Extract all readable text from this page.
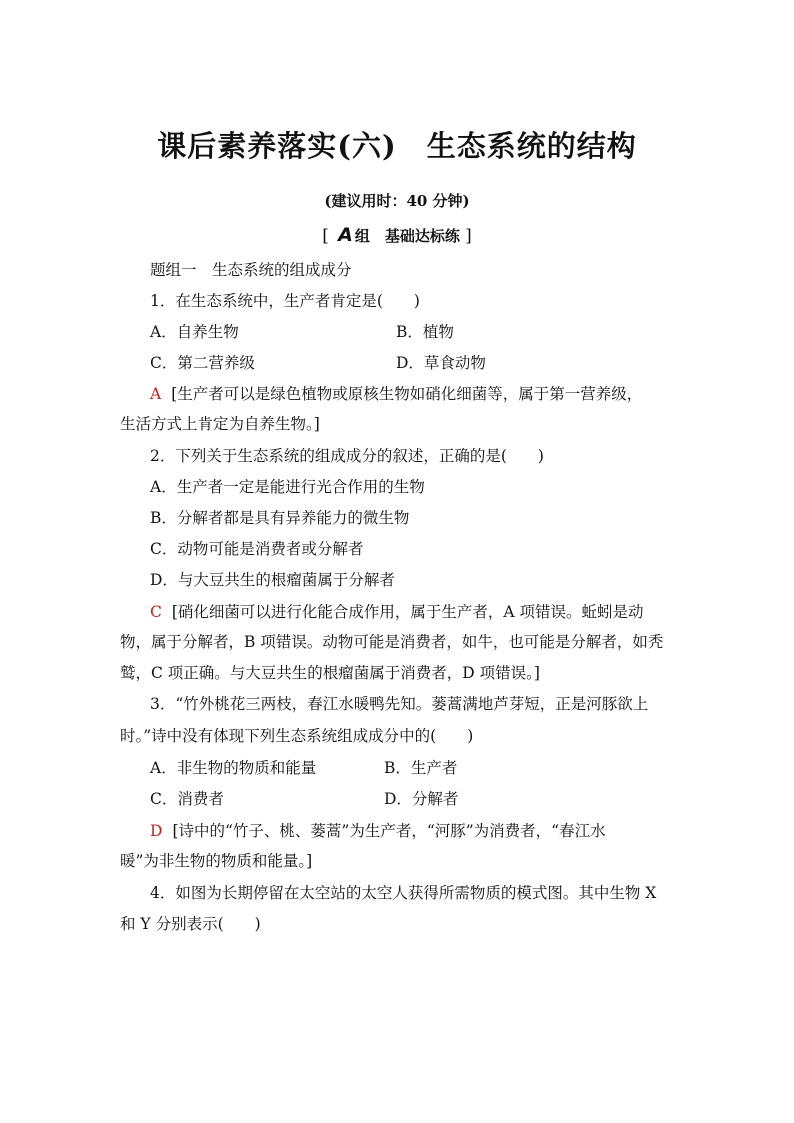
课后素养落实(六)　生态系统的结构
(建议用时：40 分钟)
[ A 组　基础达标练 ]
题组一　生态系统的组成成分
1．在生态系统中，生产者肯定是(　　)
A．自养生物	B．植物
C．第二营养级	D．草食动物
A [生产者可以是绿色植物或原核生物如硝化细菌等，属于第一营养级，
生活方式上肯定为自养生物。]
2．下列关于生态系统的组成成分的叙述，正确的是(　　)
A．生产者一定是能进行光合作用的生物
B．分解者都是具有异养能力的微生物
C．动物可能是消费者或分解者
D．与大豆共生的根瘤菌属于分解者
C [硝化细菌可以进行化能合成作用，属于生产者，A 项错误。蚯蚓是动
物，属于分解者，B 项错误。动物可能是消费者，如牛，也可能是分解者，如秃
鹫，C 项正确。与大豆共生的根瘤菌属于消费者，D 项错误。]
3．“竹外桃花三两枝，春江水暖鸭先知。蒌蒿满地芦芽短，正是河豚欲上
时。”诗中没有体现下列生态系统组成成分中的(　　)
A．非生物的物质和能量	B．生产者
C．消费者	D．分解者
D [诗中的“竹子、桃、蒌蒿”为生产者，“河豚”为消费者，“春江水
暖”为非生物的物质和能量。]
4．如图为长期停留在太空站的太空人获得所需物质的模式图。其中生物 X
和 Y 分别表示(　　)
